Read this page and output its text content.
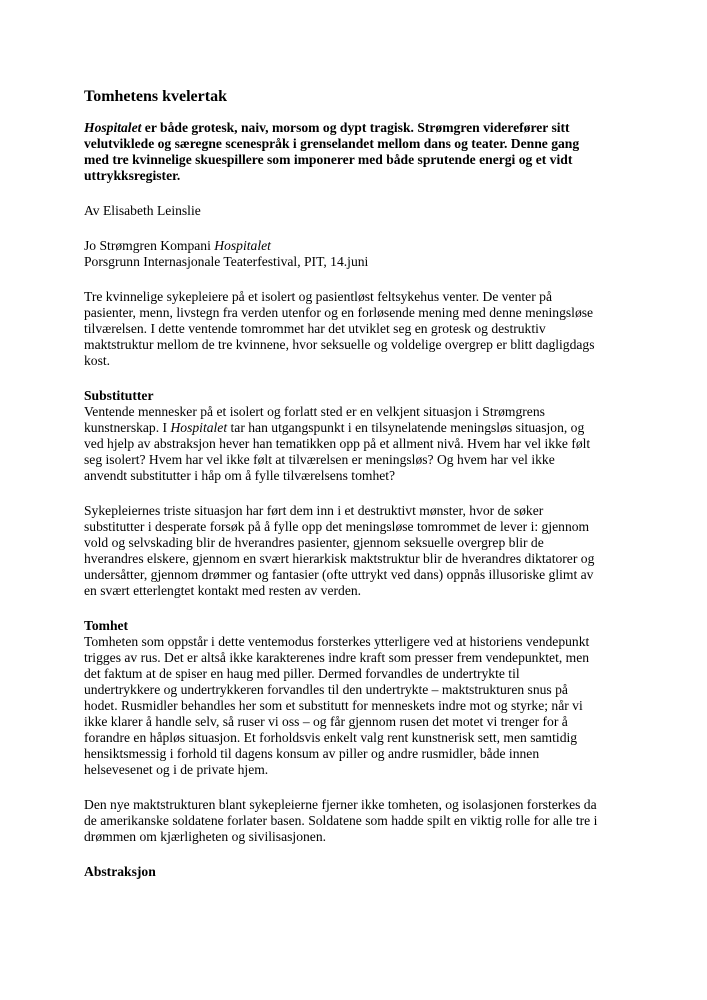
Tomhetens kvelertak
Hospitalet er både grotesk, naiv, morsom og dypt tragisk. Strømgren viderefører sitt
velutviklede og særegne scenespråk i grenselandet mellom dans og teater. Denne gang
med tre kvinnelige skuespillere som imponerer med både sprutende energi og et vidt
uttrykksregister.
Av Elisabeth Leinslie
Jo Strømgren Kompani Hospitalet
Porsgrunn Internasjonale Teaterfestival, PIT, 14.juni
Tre kvinnelige sykepleiere på et isolert og pasientløst feltsykehus venter. De venter på
pasienter, menn, livstegn fra verden utenfor og en forløsende mening med denne meningsløse
tilværelsen. I dette ventende tomrommet har det utviklet seg en grotesk og destruktiv
maktstruktur mellom de tre kvinnene, hvor seksuelle og voldelige overgrep er blitt dagligdags
kost.
Substitutter
Ventende mennesker på et isolert og forlatt sted er en velkjent situasjon i Strømgrens
kunstnerskap. I Hospitalet tar han utgangspunkt i en tilsynelatende meningsløs situasjon, og
ved hjelp av abstraksjon hever han tematikken opp på et allment nivå. Hvem har vel ikke følt
seg isolert? Hvem har vel ikke følt at tilværelsen er meningsløs? Og hvem har vel ikke
anvendt substitutter i håp om å fylle tilværelsens tomhet?
Sykepleiernes triste situasjon har ført dem inn i et destruktivt mønster, hvor de søker
substitutter i desperate forsøk på å fylle opp det meningsløse tomrommet de lever i: gjennom
vold og selvskading blir de hverandres pasienter, gjennom seksuelle overgrep blir de
hverandres elskere, gjennom en svært hierarkisk maktstruktur blir de hverandres diktatorer og
undersåtter, gjennom drømmer og fantasier (ofte uttrykt ved dans) oppnås illusoriske glimt av
en svært etterlengtet kontakt med resten av verden.
Tomhet
Tomheten som oppstår i dette ventemodus forsterkes ytterligere ved at historiens vendepunkt
trigges av rus. Det er altså ikke karakterenes indre kraft som presser frem vendepunktet, men
det faktum at de spiser en haug med piller. Dermed forvandles de undertrykte til
undertrykkere og undertrykkeren forvandles til den undertrykte – maktstrukturen snus på
hodet. Rusmidler behandles her som et substitutt for menneskets indre mot og styrke; når vi
ikke klarer å handle selv, så ruser vi oss – og får gjennom rusen det motet vi trenger for å
forandre en håpløs situasjon. Et forholdsvis enkelt valg rent kunstnerisk sett, men samtidig
hensiktsmessig i forhold til dagens konsum av piller og andre rusmidler, både innen
helsevesenet og i de private hjem.
Den nye maktstrukturen blant sykepleierne fjerner ikke tomheten, og isolasjonen forsterkes da
de amerikanske soldatene forlater basen. Soldatene som hadde spilt en viktig rolle for alle tre i
drømmen om kjærligheten og sivilisasjonen.
Abstraksjon
